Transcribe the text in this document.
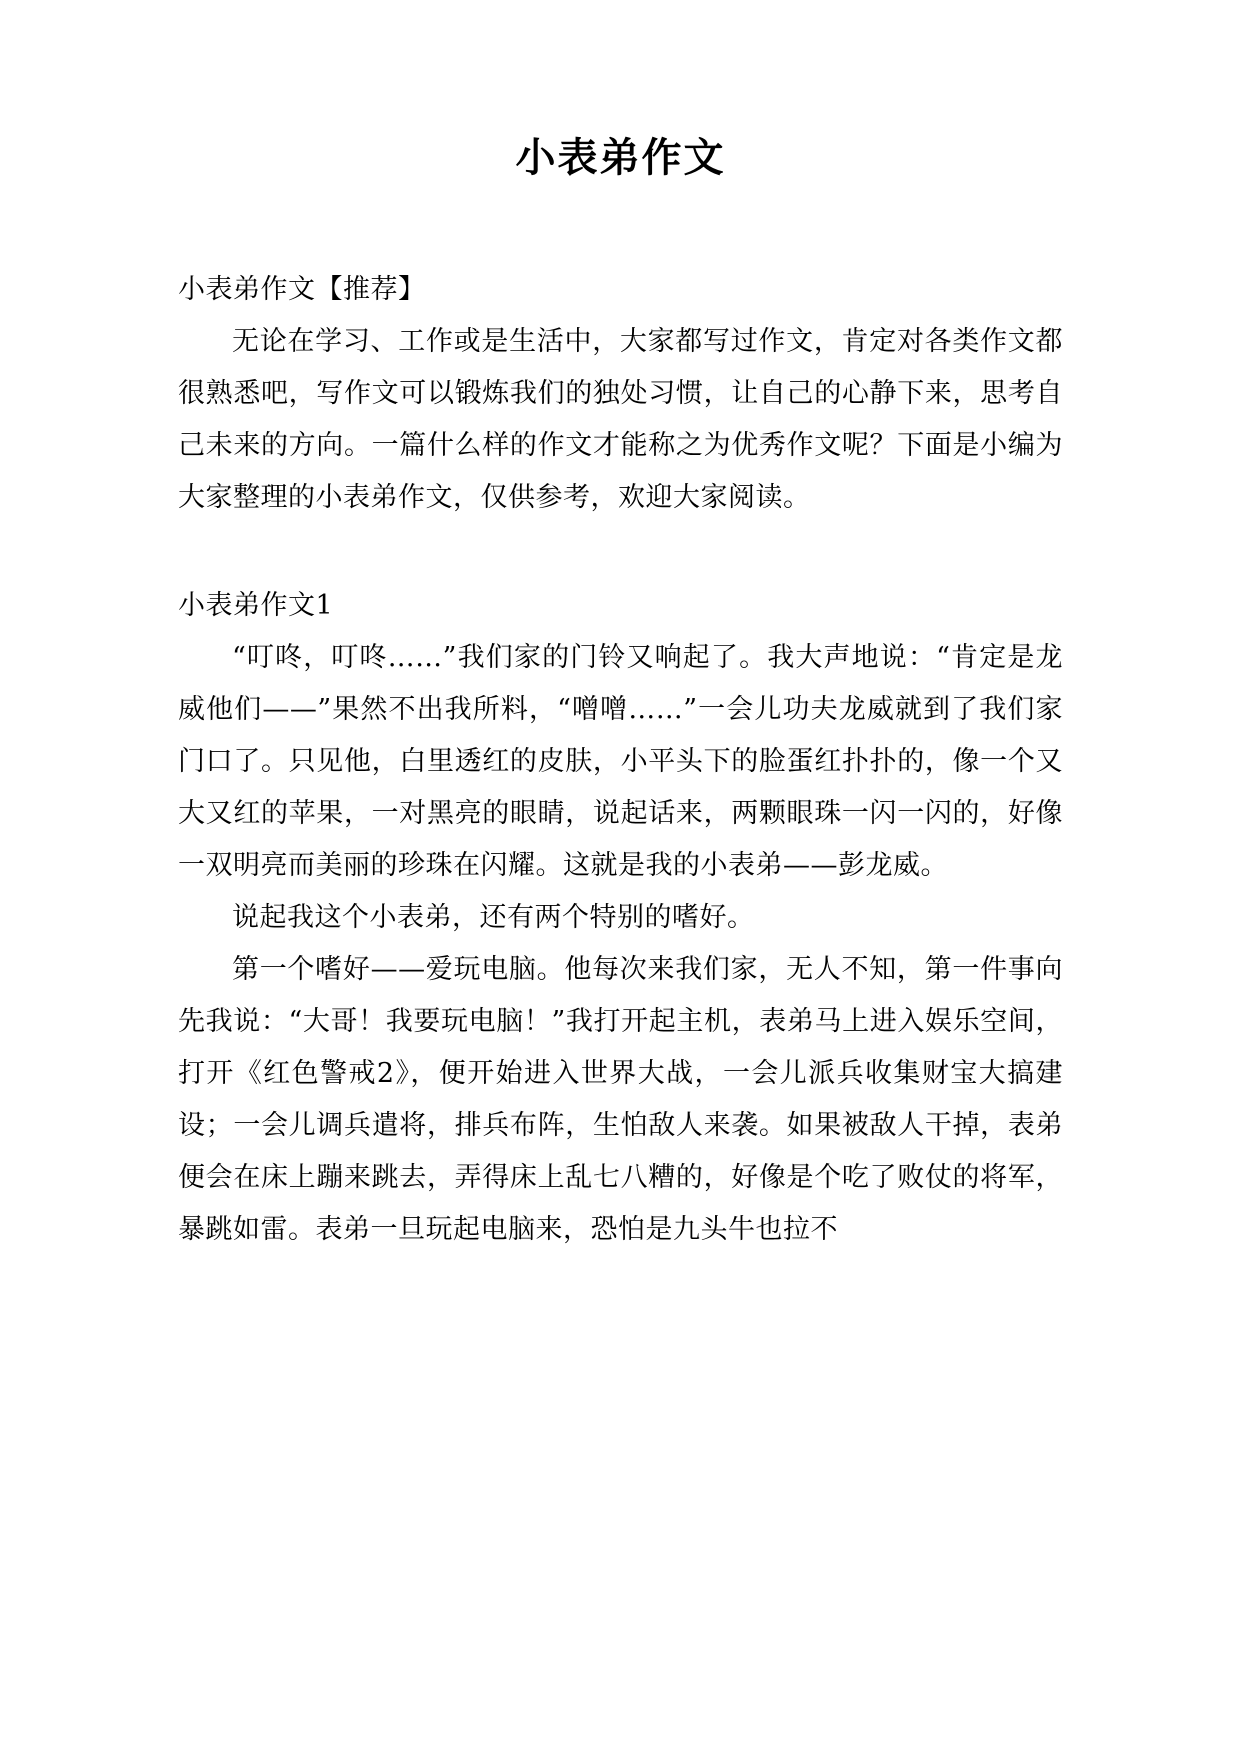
小表弟作文

小表弟作文【推荐】

无论在学习、工作或是生活中，大家都写过作文，肯定对各类作文都很熟悉吧，写作文可以锻炼我们的独处习惯，让自己的心静下来，思考自己未来的方向。一篇什么样的作文才能称之为优秀作文呢？下面是小编为大家整理的小表弟作文，仅供参考，欢迎大家阅读。

小表弟作文1

“叮咚，叮咚……”我们家的门铃又响起了。我大声地说：“肯定是龙威他们——”果然不出我所料，“噌噌……”一会儿功夫龙威就到了我们家门口了。只见他，白里透红的皮肤，小平头下的脸蛋红扑扑的，像一个又大又红的苹果，一对黑亮的眼睛，说起话来，两颗眼珠一闪一闪的，好像一双明亮而美丽的珍珠在闪耀。这就是我的小表弟——彭龙威。

说起我这个小表弟，还有两个特别的嗜好。

第一个嗜好——爱玩电脑。他每次来我们家，无人不知，第一件事向先我说：“大哥！我要玩电脑！”我打开起主机，表弟马上进入娱乐空间，打开《红色警戒2》，便开始进入世界大战，一会儿派兵收集财宝大搞建设；一会儿调兵遣将，排兵布阵，生怕敌人来袭。如果被敌人干掉，表弟便会在床上蹦来跳去，弄得床上乱七八糟的，好像是个吃了败仗的将军，暴跳如雷。表弟一旦玩起电脑来，恐怕是九头牛也拉不
